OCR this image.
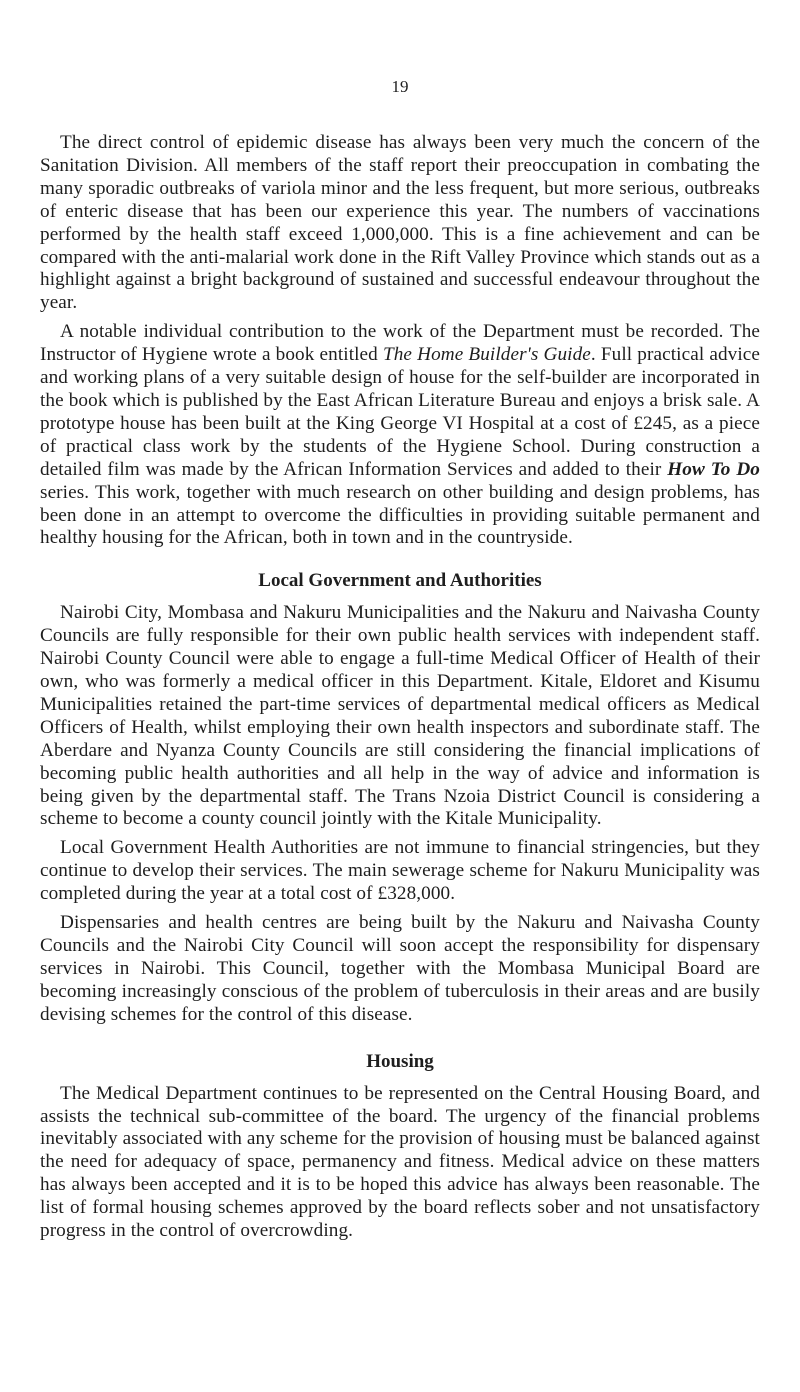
19

The direct control of epidemic disease has always been very much the concern of the Sanitation Division. All members of the staff report their preoccupation in combating the many sporadic outbreaks of variola minor and the less frequent, but more serious, outbreaks of enteric disease that has been our experience this year. The numbers of vaccinations performed by the health staff exceed 1,000,000. This is a fine achievement and can be compared with the anti-malarial work done in the Rift Valley Province which stands out as a highlight against a bright background of sustained and successful endeavour throughout the year.

A notable individual contribution to the work of the Department must be recorded. The Instructor of Hygiene wrote a book entitled The Home Builder's Guide. Full practical advice and working plans of a very suitable design of house for the self-builder are incorporated in the book which is published by the East African Literature Bureau and enjoys a brisk sale. A prototype house has been built at the King George VI Hospital at a cost of £245, as a piece of practical class work by the students of the Hygiene School. During construction a detailed film was made by the African Information Services and added to their How To Do series. This work, together with much research on other building and design problems, has been done in an attempt to overcome the difficulties in providing suitable permanent and healthy housing for the African, both in town and in the countryside.

Local Government and Authorities

Nairobi City, Mombasa and Nakuru Municipalities and the Nakuru and Naivasha County Councils are fully responsible for their own public health services with independent staff. Nairobi County Council were able to engage a full-time Medical Officer of Health of their own, who was formerly a medical officer in this Department. Kitale, Eldoret and Kisumu Municipalities retained the part-time services of departmental medical officers as Medical Officers of Health, whilst employing their own health inspectors and subordinate staff. The Aberdare and Nyanza County Councils are still considering the financial implications of becoming public health authorities and all help in the way of advice and information is being given by the departmental staff. The Trans Nzoia District Council is considering a scheme to become a county council jointly with the Kitale Municipality.

Local Government Health Authorities are not immune to financial stringencies, but they continue to develop their services. The main sewerage scheme for Nakuru Municipality was completed during the year at a total cost of £328,000.

Dispensaries and health centres are being built by the Nakuru and Naivasha County Councils and the Nairobi City Council will soon accept the responsibility for dispensary services in Nairobi. This Council, together with the Mombasa Municipal Board are becoming increasingly conscious of the problem of tuberculosis in their areas and are busily devising schemes for the control of this disease.

Housing

The Medical Department continues to be represented on the Central Housing Board, and assists the technical sub-committee of the board. The urgency of the financial problems inevitably associated with any scheme for the provision of housing must be balanced against the need for adequacy of space, permanency and fitness. Medical advice on these matters has always been accepted and it is to be hoped this advice has always been reasonable. The list of formal housing schemes approved by the board reflects sober and not unsatisfactory progress in the control of overcrowding.
